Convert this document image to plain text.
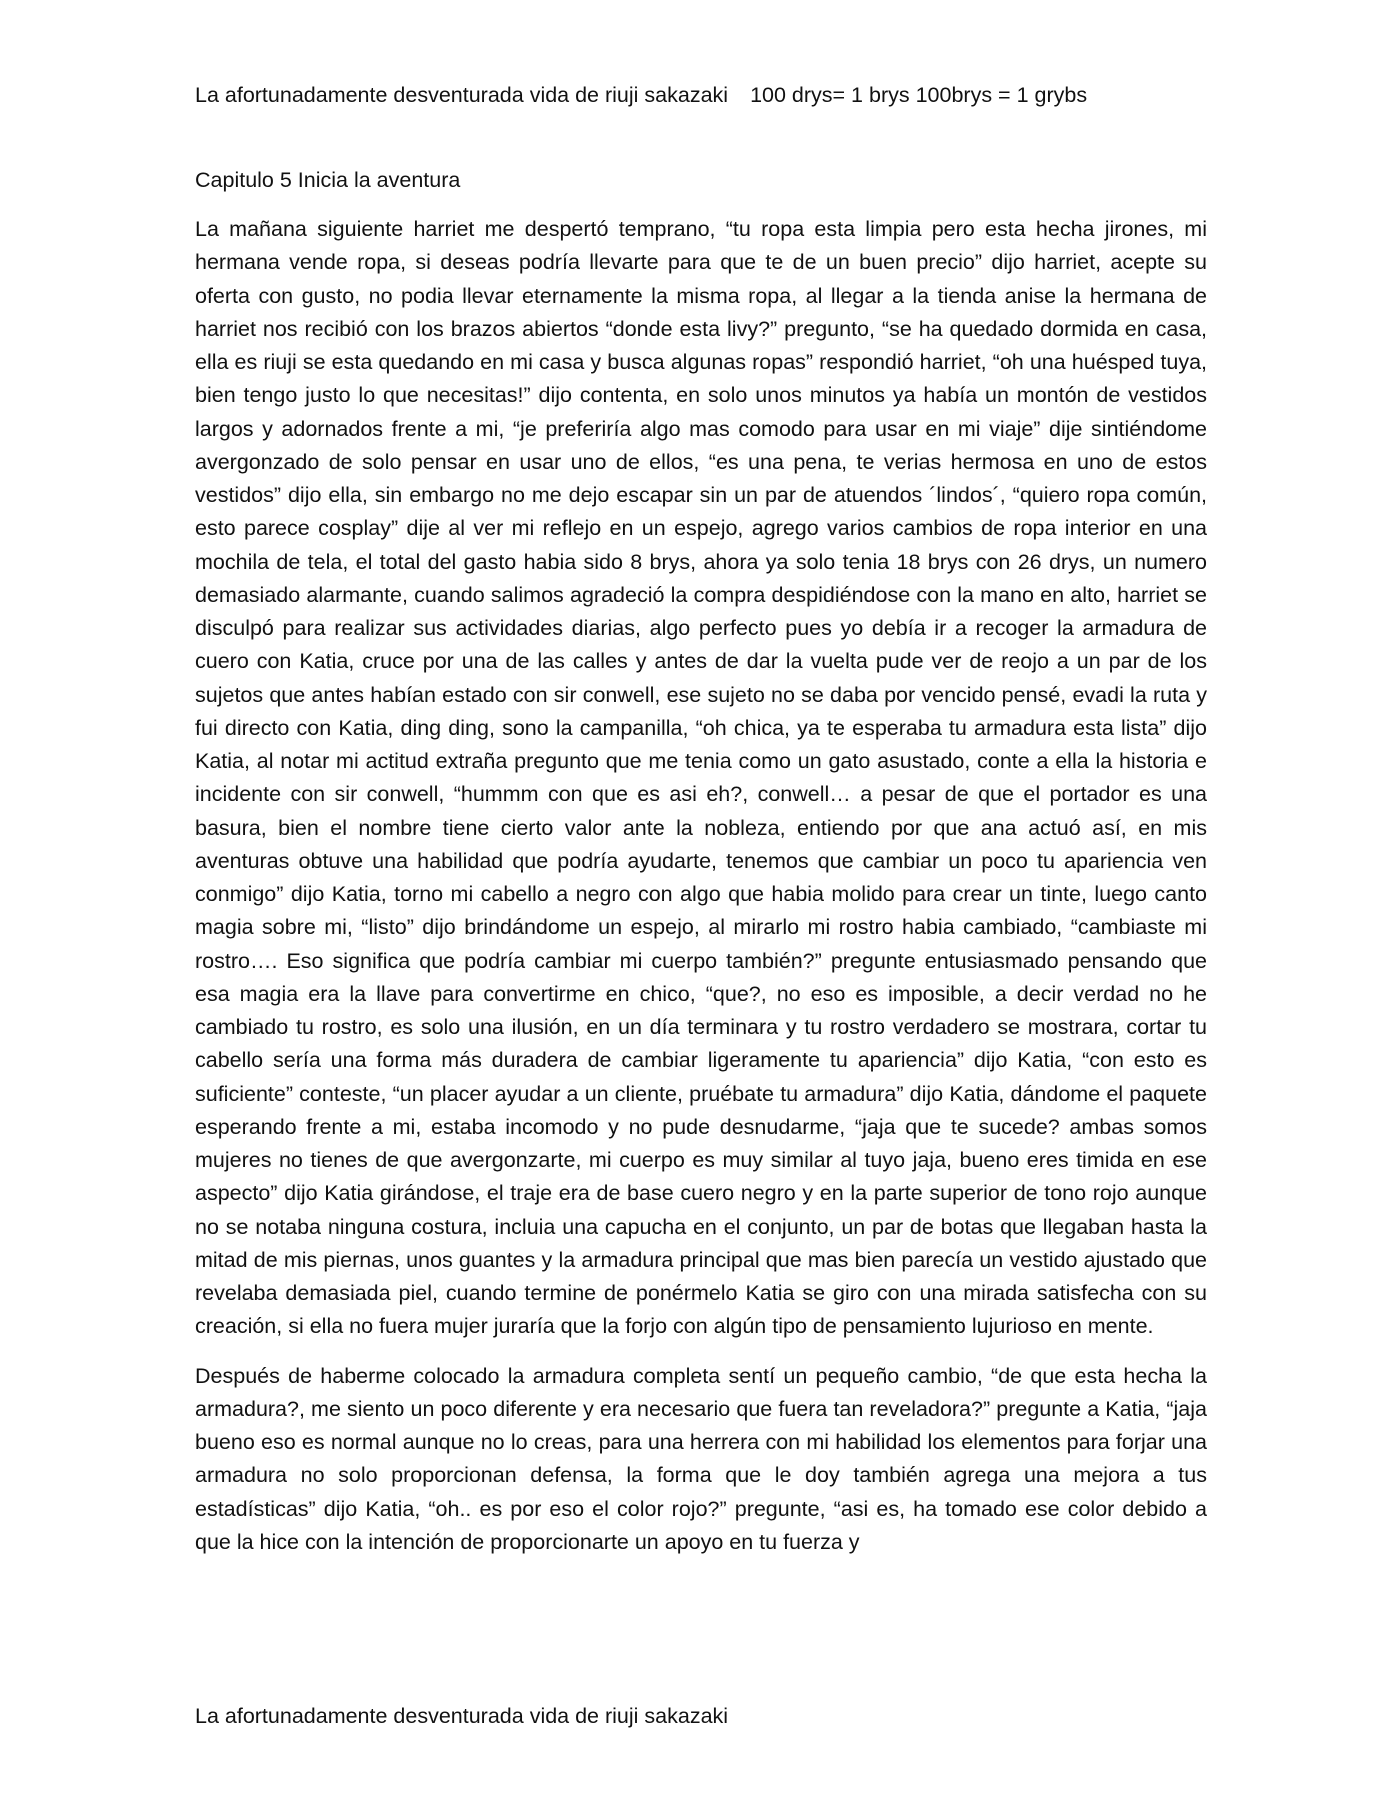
La afortunadamente desventurada vida de riuji sakazaki 100 drys= 1 brys 100brys = 1 grybs
Capitulo 5 Inicia la aventura

La mañana siguiente harriet me despertó temprano, “tu ropa esta limpia pero esta hecha jirones, mi hermana vende ropa, si deseas podría llevarte para que te de un buen precio” dijo harriet, acepte su oferta con gusto, no podia llevar eternamente la misma ropa, al llegar a la tienda anise la hermana de harriet nos recibió con los brazos abiertos “donde esta livy?” pregunto, “se ha quedado dormida en casa, ella es riuji se esta quedando en mi casa y busca algunas ropas” respondió harriet, “oh una huésped tuya, bien tengo justo lo que necesitas!” dijo contenta, en solo unos minutos ya había un montón de vestidos largos y adornados frente a mi, “je preferiría algo mas comodo para usar en mi viaje” dije sintiéndome avergonzado de solo pensar en usar uno de ellos, “es una pena, te verias hermosa en uno de estos vestidos” dijo ella, sin embargo no me dejo escapar sin un par de atuendos ´lindos´, “quiero ropa común, esto parece cosplay” dije al ver mi reflejo en un espejo, agrego varios cambios de ropa interior en una mochila de tela, el total del gasto habia sido 8 brys, ahora ya solo tenia 18 brys con 26 drys, un numero demasiado alarmante, cuando salimos agradeció la compra despidiéndose con la mano en alto, harriet se disculpó para realizar sus actividades diarias, algo perfecto pues yo debía ir a recoger la armadura de cuero con Katia, cruce por una de las calles y antes de dar la vuelta pude ver de reojo a un par de los sujetos que antes habían estado con sir conwell, ese sujeto no se daba por vencido pensé, evadi la ruta y fui directo con Katia, ding ding, sono la campanilla, “oh chica, ya te esperaba tu armadura esta lista” dijo Katia, al notar mi actitud extraña pregunto que me tenia como un gato asustado, conte a ella la historia e incidente con sir conwell, “hummm con que es asi eh?, conwell… a pesar de que el portador es una basura, bien el nombre tiene cierto valor ante la nobleza, entiendo por que ana actuó así, en mis aventuras obtuve una habilidad que podría ayudarte, tenemos que cambiar un poco tu apariencia ven conmigo” dijo Katia, torno mi cabello a negro con algo que habia molido para crear un tinte, luego canto magia sobre mi, “listo” dijo brindándome un espejo, al mirarlo mi rostro habia cambiado, “cambiaste mi rostro…. Eso significa que podría cambiar mi cuerpo también?” pregunte entusiasmado pensando que esa magia era la llave para convertirme en chico, “que?, no eso es imposible, a decir verdad no he cambiado tu rostro, es solo una ilusión, en un día terminara y tu rostro verdadero se mostrara, cortar tu cabello sería una forma más duradera de cambiar ligeramente tu apariencia” dijo Katia, “con esto es suficiente” conteste, “un placer ayudar a un cliente, pruébate tu armadura” dijo Katia, dándome el paquete esperando frente a mi, estaba incomodo y no pude desnudarme, “jaja que te sucede? ambas somos mujeres no tienes de que avergonzarte, mi cuerpo es muy similar al tuyo jaja, bueno eres timida en ese aspecto” dijo Katia girándose, el traje era de base cuero negro y en la parte superior de tono rojo aunque no se notaba ninguna costura, incluia una capucha en el conjunto, un par de botas que llegaban hasta la mitad de mis piernas, unos guantes y la armadura principal que mas bien parecía un vestido ajustado que revelaba demasiada piel, cuando termine de ponérmelo Katia se giro con una mirada satisfecha con su creación, si ella no fuera mujer juraría que la forjo con algún tipo de pensamiento lujurioso en mente.

Después de haberme colocado la armadura completa sentí un pequeño cambio, “de que esta hecha la armadura?, me siento un poco diferente y era necesario que fuera tan reveladora?” pregunte a Katia, “jaja bueno eso es normal aunque no lo creas, para una herrera con mi habilidad los elementos para forjar una armadura no solo proporcionan defensa, la forma que le doy también agrega una mejora a tus estadísticas” dijo Katia, “oh.. es por eso el color rojo?” pregunte, “asi es, ha tomado ese color debido a que la hice con la intención de proporcionarte un apoyo en tu fuerza y

La afortunadamente desventurada vida de riuji sakazaki
